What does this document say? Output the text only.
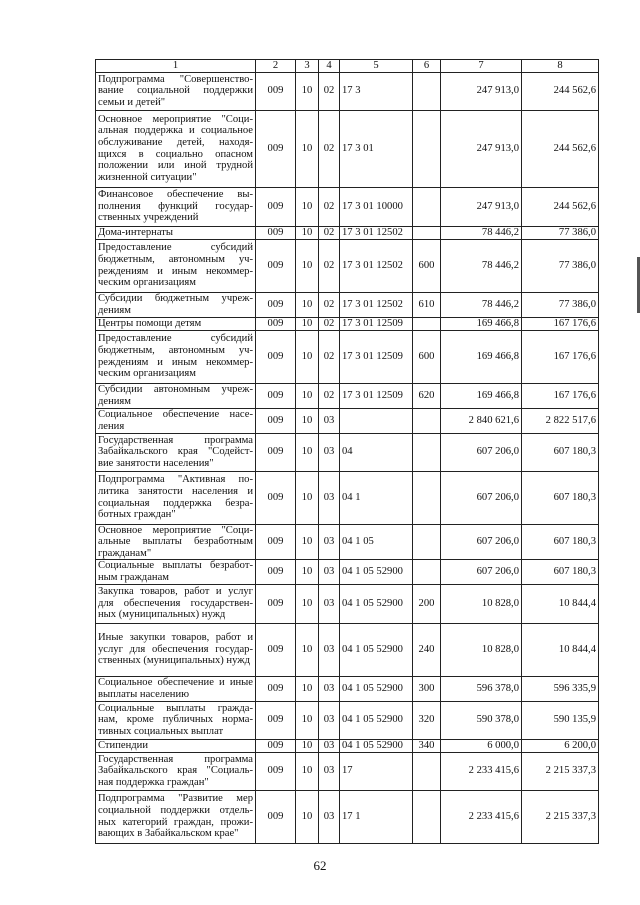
1	2	3	4	5	6	7	8
Подпрограмма "Совершенство-вание социальной поддержки семьи и детей"	009	10	02	17 3		247 913,0	244 562,6
Основное мероприятие "Соци-альная поддержка и социальное обслуживание детей, находя-щихся в социально опасном положении или иной трудной жизненной ситуации"	009	10	02	17 3 01		247 913,0	244 562,6
Финансовое обеспечение вы-полнения функций государ-ственных учреждений	009	10	02	17 3 01 10000		247 913,0	244 562,6
Дома-интернаты	009	10	02	17 3 01 12502		78 446,2	77 386,0
Предоставление субсидий бюджетным, автономным уч-реждениям и иным некоммер-ческим организациям	009	10	02	17 3 01 12502	600	78 446,2	77 386,0
Субсидии бюджетным учреж-дениям	009	10	02	17 3 01 12502	610	78 446,2	77 386,0
Центры помощи детям	009	10	02	17 3 01 12509		169 466,8	167 176,6
Предоставление субсидий бюджетным, автономным уч-реждениям и иным некоммер-ческим организациям	009	10	02	17 3 01 12509	600	169 466,8	167 176,6
Субсидии автономным учреж-дениям	009	10	02	17 3 01 12509	620	169 466,8	167 176,6
Социальное обеспечение насе-ления	009	10	03			2 840 621,6	2 822 517,6
Государственная программа Забайкальского края "Содейст-вие занятости населения"	009	10	03	04		607 206,0	607 180,3
Подпрограмма "Активная по-литика занятости населения и социальная поддержка безра-ботных граждан"	009	10	03	04 1		607 206,0	607 180,3
Основное мероприятие "Соци-альные выплаты безработным гражданам"	009	10	03	04 1 05		607 206,0	607 180,3
Социальные выплаты безработ-ным гражданам	009	10	03	04 1 05 52900		607 206,0	607 180,3
Закупка товаров, работ и услуг для обеспечения государствен-ных (муниципальных) нужд	009	10	03	04 1 05 52900	200	10 828,0	10 844,4
Иные закупки товаров, работ и услуг для обеспечения государ-ственных (муниципальных) нужд	009	10	03	04 1 05 52900	240	10 828,0	10 844,4
Социальное обеспечение и иные выплаты населению	009	10	03	04 1 05 52900	300	596 378,0	596 335,9
Социальные выплаты гражда-нам, кроме публичных норма-тивных социальных выплат	009	10	03	04 1 05 52900	320	590 378,0	590 135,9
Стипендии	009	10	03	04 1 05 52900	340	6 000,0	6 200,0
Государственная программа Забайкальского края "Социаль-ная поддержка граждан"	009	10	03	17		2 233 415,6	2 215 337,3
Подпрограмма "Развитие мер социальной поддержки отдель-ных категорий граждан, прожи-вающих в Забайкальском крае"	009	10	03	17 1		2 233 415,6	2 215 337,3
62
